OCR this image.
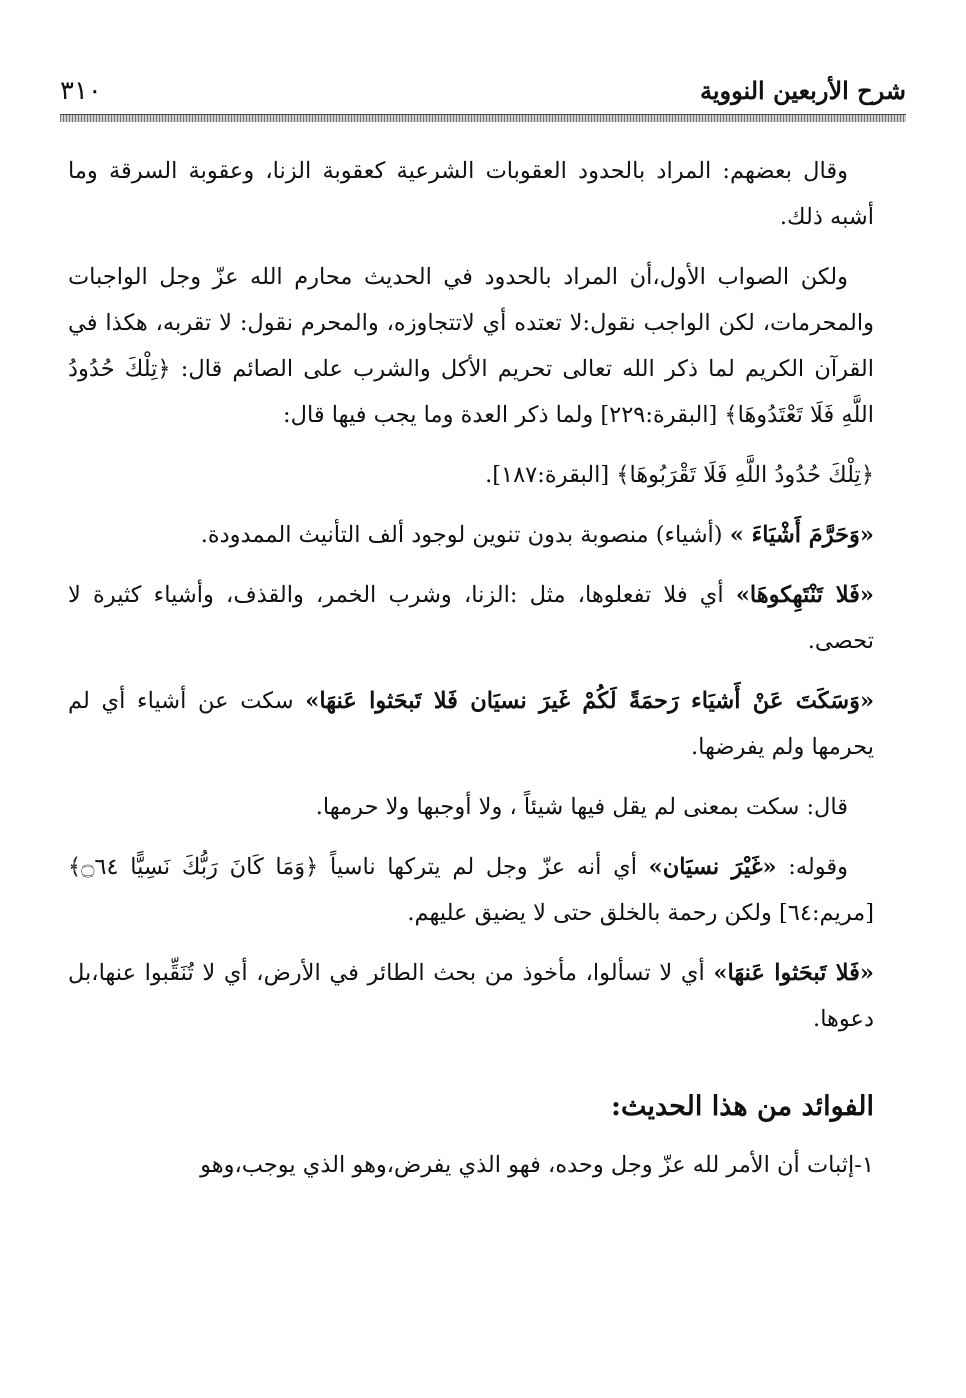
شرح الأربعين النووية
٣١٠

وقال بعضهم: المراد بالحدود العقوبات الشرعية كعقوبة الزنا، وعقوبة السرقة وما أشبه ذلك.

ولكن الصواب الأول،أن المراد بالحدود في الحديث محارم الله عزّ وجل الواجبات والمحرمات، لكن الواجب نقول:لا تعتده أي لاتتجاوزه، والمحرم نقول: لا تقربه، هكذا في القرآن الكريم لما ذكر الله تعالى تحريم الأكل والشرب على الصائم قال: ﴿تِلْكَ حُدُودُ اللَّهِ فَلَا تَعْتَدُوهَا﴾ [البقرة:٢٢٩] ولما ذكر العدة وما يجب فيها قال:

﴿تِلْكَ حُدُودُ اللَّهِ فَلَا تَقْرَبُوهَا﴾ [البقرة:١٨٧].

«وَحَرَّمَ أَشْيَاءَ » (أشياء) منصوبة بدون تنوين لوجود ألف التأنيث الممدودة.

«فَلا تَنْتَهِكوهَا» أي فلا تفعلوها، مثل :الزنا، وشرب الخمر، والقذف، وأشياء كثيرة لا تحصى.

«وَسَكَتَ عَنْ أَشيَاء رَحمَةً لَكُمْ غَيرَ نسيَان فَلا تَبحَثوا عَنهَا» سكت عن أشياء أي لم يحرمها ولم يفرضها.

قال: سكت بمعنى لم يقل فيها شيئاً ، ولا أوجبها ولا حرمها.

وقوله: «غَيْرَ نسيَان» أي أنه عزّ وجل لم يتركها ناسياً ﴿وَمَا كَانَ رَبُّكَ نَسِيًّا ۝٦٤﴾ [مريم:٦٤] ولكن رحمة بالخلق حتى لا يضيق عليهم.

«فَلا تَبحَثوا عَنهَا» أي لا تسألوا، مأخوذ من بحث الطائر في الأرض، أي لا تُنَقِّبوا عنها،بل دعوها.

الفوائد من هذا الحديث:

١-إثبات أن الأمر لله عزّ وجل وحده، فهو الذي يفرض،وهو الذي يوجب،وهو
